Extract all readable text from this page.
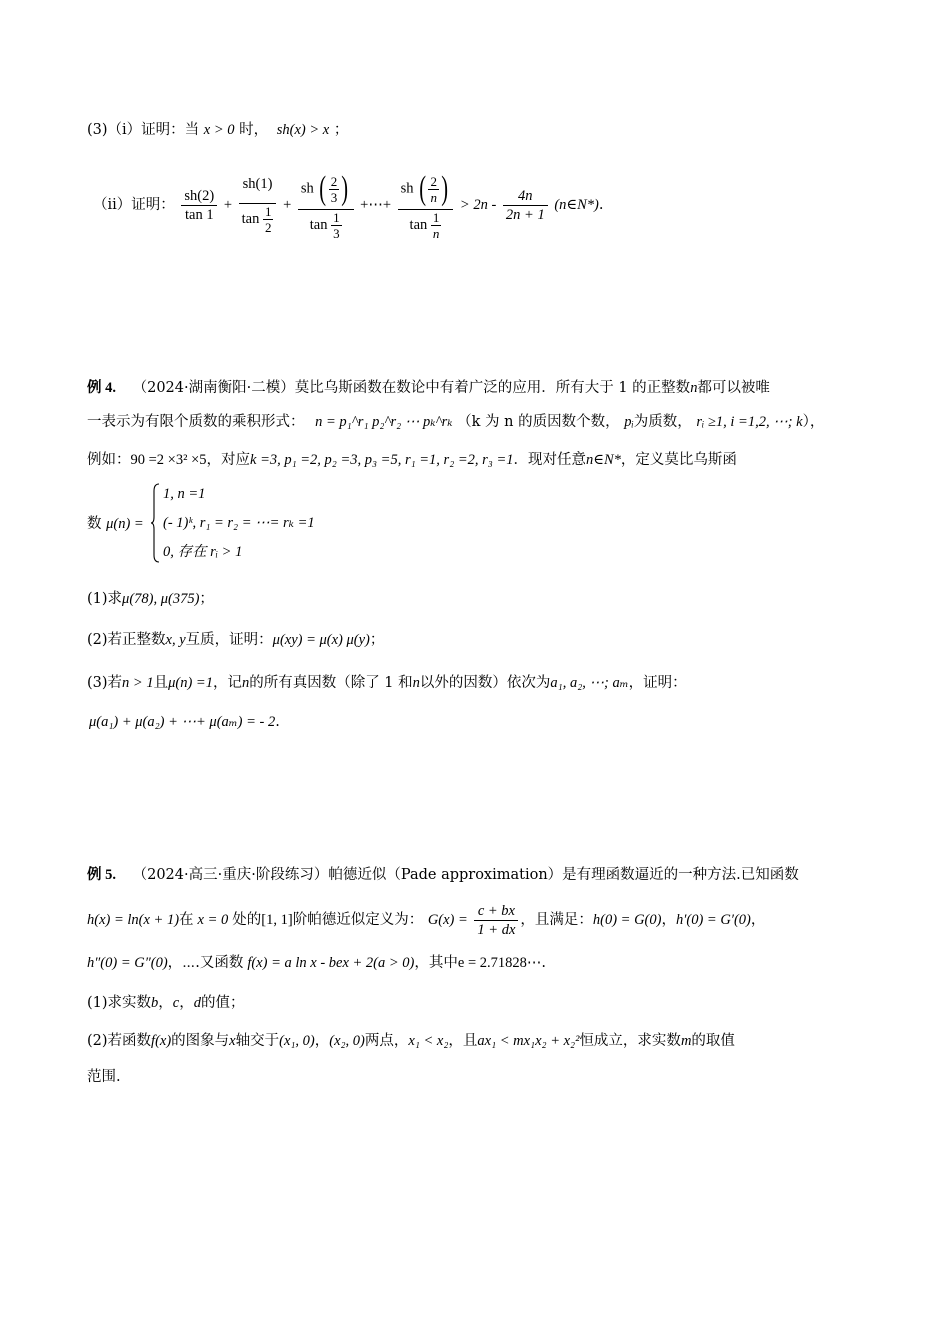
(3)（i）证明：当 x > 0 时， sh(x) > x ；
（ii）证明： $\frac{sh(2)}{\tan 1} + \frac{sh(1)}{\tan \frac{1}{2}} + \frac{sh ( \frac{2}{3} )}{\tan \frac{1}{3}}$ +⋯+ $\frac{sh ( \frac{2}{n} )}{\tan \frac{1}{n}} > 2n - \frac{4n}{2n + 1}$ (n∈N*).
例 4. （2024·湖南衡阳·二模）莫比乌斯函数在数论中有着广泛的应用．所有大于 1 的正整数n都可以被唯
一表示为有限个质数的乘积形式： n = p₁^r₁ p₂^r₂ ⋯ pₖ^rₖ （k 为 n 的质因数个数， pᵢ为质数， rᵢ ≥1, i =1,2, ⋯; k），
例如：90 =2 ×3² ×5，对应k =3, p₁ =2, p₂ =3, p₃ =5, r₁ =1, r₂ =2, r₃ =1．现对任意n∈N*，定义莫比乌斯函
数 μ(n) =
1, n =1
(- 1)ᵏ, r₁ = r₂ = ⋯= rₖ =1
0, 存在 rᵢ > 1
(1)求μ(78), μ(375)；
(2)若正整数x, y互质，证明：μ(xy) = μ(x) μ(y)；
(3)若n > 1且μ(n) =1，记n的所有真因数（除了 1 和n以外的因数）依次为a₁, a₂, ⋯; aₘ，证明：
μ(a₁) + μ(a₂) + ⋯+ μ(aₘ) = - 2.
例 5. （2024·高三·重庆·阶段练习）帕德近似（Pade approximation）是有理函数逼近的一种方法.已知函数
h(x) = ln(x + 1)在 x = 0 处的[1, 1]阶帕德近似定义为： $G(x) = \frac{c + bx}{1 + dx}$ ，且满足：h(0) = G(0)，h′(0) = G′(0)，
h″(0) = G″(0)，⋯.又函数 f(x) = a ln x - bex + 2(a > 0)，其中e = 2.71828⋯.
(1)求实数b，c，d的值；
(2)若函数f(x)的图象与x轴交于(x₁, 0)，(x₂, 0)两点，x₁ < x₂，且ax₁ < mx₁x₂ + x₂²恒成立，求实数m的取值
范围.
